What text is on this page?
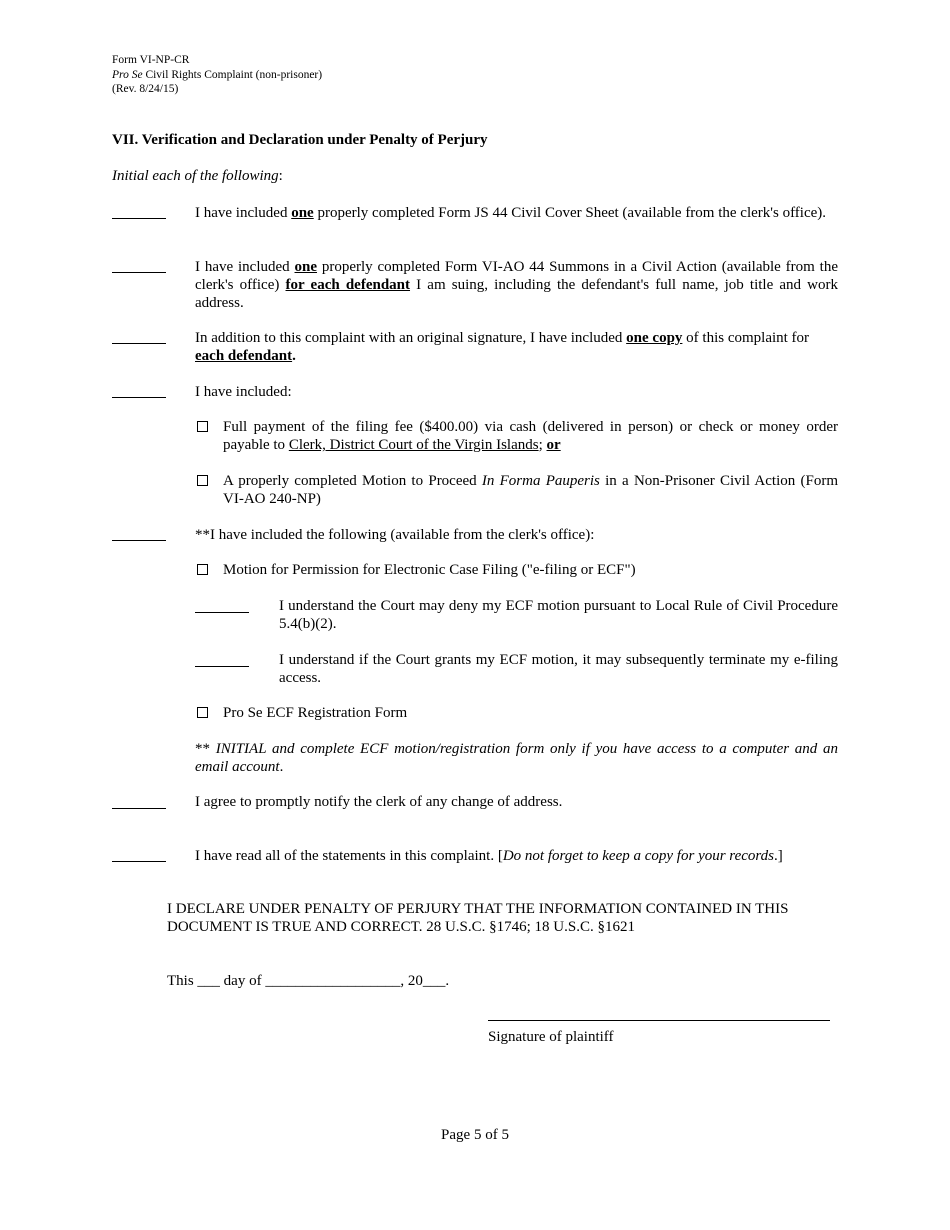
Form VI-NP-CR
Pro Se Civil Rights Complaint (non-prisoner)
(Rev. 8/24/15)
VII. Verification and Declaration under Penalty of Perjury
Initial each of the following:
I have included one properly completed Form JS 44 Civil Cover Sheet (available from the clerk's office).
I have included one properly completed Form VI-AO 44 Summons in a Civil Action (available from the clerk's office) for each defendant I am suing, including the defendant's full name, job title and work address.
In addition to this complaint with an original signature, I have included one copy of this complaint for
each defendant.
I have included:
Full payment of the filing fee ($400.00) via cash (delivered in person) or check or money order payable to Clerk, District Court of the Virgin Islands; or
A properly completed Motion to Proceed In Forma Pauperis in a Non-Prisoner Civil Action (Form VI-AO 240-NP)
**I have included the following (available from the clerk's office):
Motion for Permission for Electronic Case Filing ("e-filing or ECF")
I understand the Court may deny my ECF motion pursuant to Local Rule of Civil Procedure 5.4(b)(2).
I understand if the Court grants my ECF motion, it may subsequently terminate my e-filing access.
Pro Se ECF Registration Form
** INITIAL and complete ECF motion/registration form only if you have access to a computer and an email account.
I agree to promptly notify the clerk of any change of address.
I have read all of the statements in this complaint. [Do not forget to keep a copy for your records.]
I DECLARE UNDER PENALTY OF PERJURY THAT THE INFORMATION CONTAINED IN THIS DOCUMENT IS TRUE AND CORRECT. 28 U.S.C. §1746; 18 U.S.C. §1621
This ___ day of __________________, 20___.
Signature of plaintiff
Page 5 of 5
